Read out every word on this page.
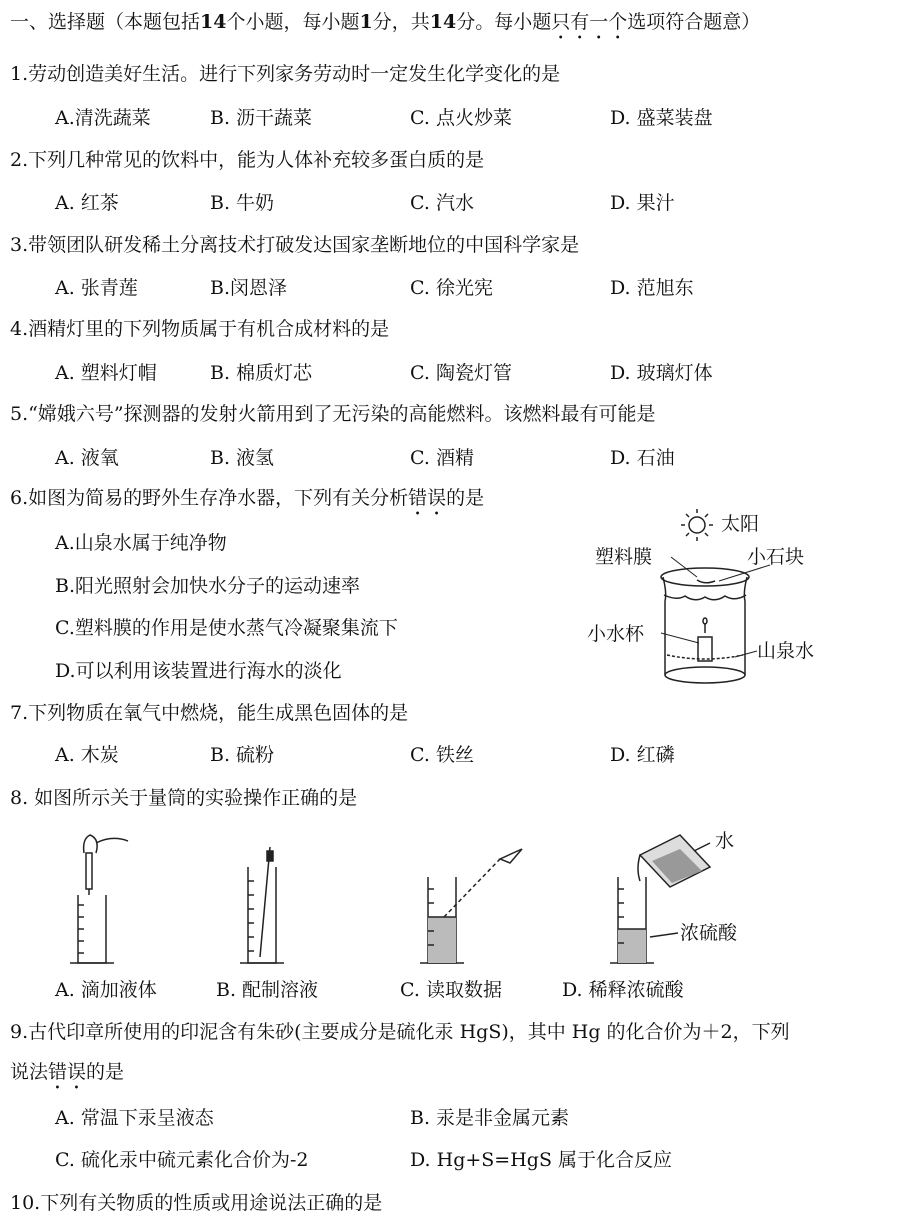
一、选择题（本题包括14个小题，每小题1分，共14分。每小题只有一个选项符合题意）
1.劳动创造美好生活。进行下列家务劳动时一定发生化学变化的是
A.清洗蔬菜	B. 沥干蔬菜	C. 点火炒菜	D. 盛菜装盘
2.下列几种常见的饮料中，能为人体补充较多蛋白质的是
A. 红茶	B. 牛奶	C. 汽水	D. 果汁
3.带领团队研发稀土分离技术打破发达国家垄断地位的中国科学家是
A. 张青莲	B.闵恩泽	C. 徐光宪	D. 范旭东
4.酒精灯里的下列物质属于有机合成材料的是
A. 塑料灯帽	B. 棉质灯芯	C. 陶瓷灯管	D. 玻璃灯体
5.“嫦娥六号”探测器的发射火箭用到了无污染的高能燃料。该燃料最有可能是
A. 液氧	B. 液氢	C. 酒精	D. 石油
6.如图为简易的野外生存净水器，下列有关分析错误的是
A.山泉水属于纯净物
B.阳光照射会加快水分子的运动速率
C.塑料膜的作用是使水蒸气冷凝聚集流下
D.可以利用该装置进行海水的淡化
太阳
塑料膜	小石块
小水杯
山泉水
7.下列物质在氧气中燃烧，能生成黑色固体的是
A. 木炭	B. 硫粉	C. 铁丝	D. 红磷
8. 如图所示关于量筒的实验操作正确的是
水
浓硫酸
A. 滴加液体	B. 配制溶液	C. 读取数据	D. 稀释浓硫酸
9.古代印章所使用的印泥含有朱砂(主要成分是硫化汞 HgS)，其中 Hg 的化合价为＋2，下列
说法错误的是
A. 常温下汞呈液态	B. 汞是非金属元素
C. 硫化汞中硫元素化合价为-2	D. Hg+S=HgS 属于化合反应
10.下列有关物质的性质或用途说法正确的是
